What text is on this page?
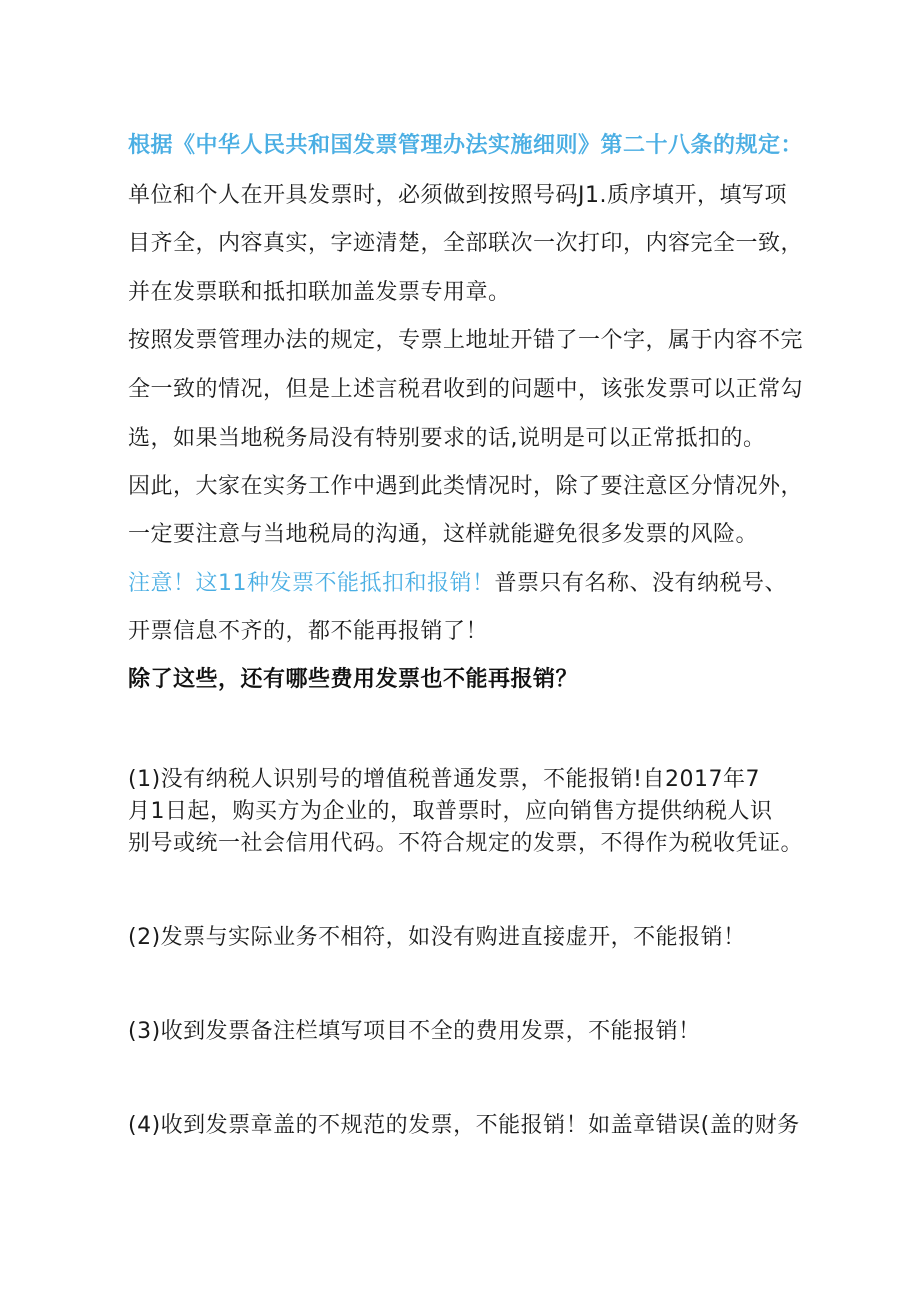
根据《中华人民共和国发票管理办法实施细则》第二十八条的规定：
单位和个人在开具发票时，必须做到按照号码J1.质序填开，填写项
目齐全，内容真实，字迹清楚，全部联次一次打印，内容完全一致，
并在发票联和抵扣联加盖发票专用章。
按照发票管理办法的规定，专票上地址开错了一个字，属于内容不完
全一致的情况，但是上述言税君收到的问题中，该张发票可以正常勾
选，如果当地税务局没有特别要求的话,说明是可以正常抵扣的。
因此，大家在实务工作中遇到此类情况时，除了要注意区分情况外，
一定要注意与当地税局的沟通，这样就能避免很多发票的风险。
注意！这11种发票不能抵扣和报销！普票只有名称、没有纳税号、
开票信息不齐的，都不能再报销了！
除了这些，还有哪些费用发票也不能再报销？
(1)没有纳税人识别号的增值税普通发票，不能报销!自2017年7
月1日起，购买方为企业的，取普票时，应向销售方提供纳税人识
别号或统一社会信用代码。不符合规定的发票，不得作为税收凭证。
(2)发票与实际业务不相符，如没有购进直接虚开，不能报销！
(3)收到发票备注栏填写项目不全的费用发票，不能报销！
(4)收到发票章盖的不规范的发票，不能报销！如盖章错误(盖的财务
